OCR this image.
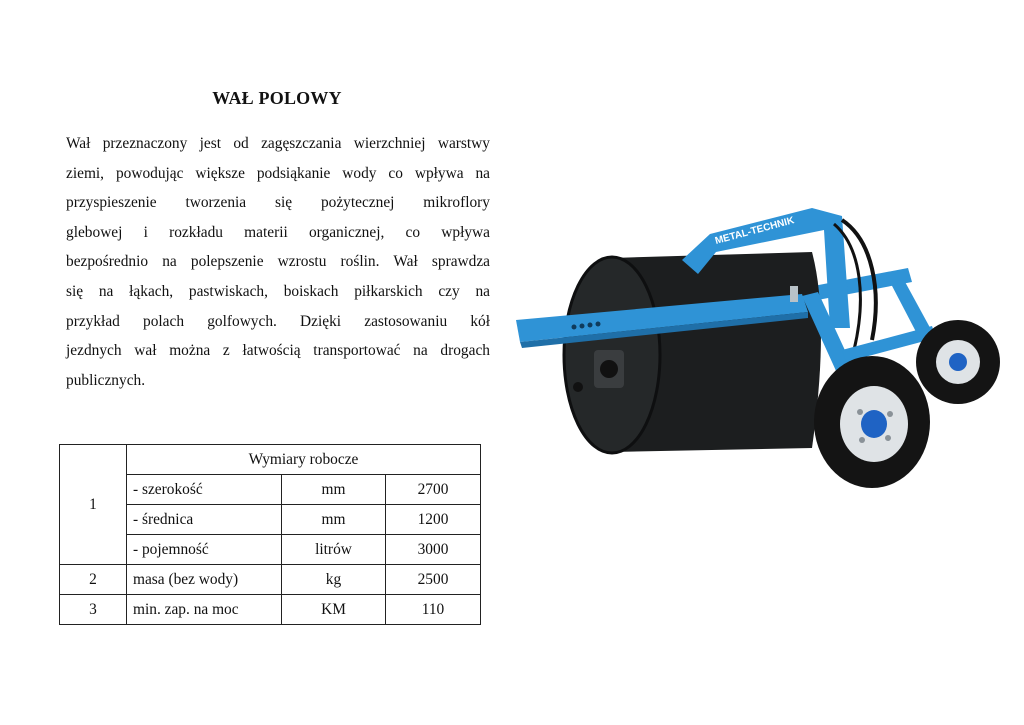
WAŁ POLOWY

Wał przeznaczony jest od zagęszczania wierzchniej warstwy
ziemi, powodując większe podsiąkanie wody co wpływa na
przyspieszenie tworzenia się pożytecznej mikroflory
glebowej i rozkładu materii organicznej, co wpływa
bezpośrednio na polepszenie wzrostu roślin. Wał sprawdza
się na łąkach, pastwiskach, boiskach piłkarskich czy na
przykład polach golfowych. Dzięki zastosowaniu kół
jezdnych wał można z łatwością transportować na drogach
publicznych.

1	Wymiary robocze		
	- szerokość	mm	2700
	- średnica	mm	1200
	- pojemność	litrów	3000
2	masa (bez wody)	kg	2500
3	min. zap. na moc	KM	110
METAL-TECHNIK
